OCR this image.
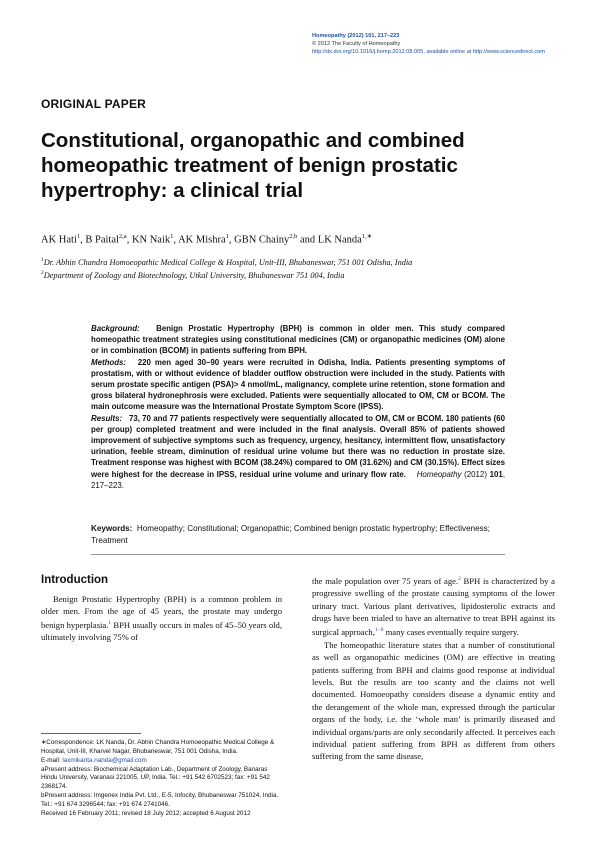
Homeopathy (2012) 101, 217–223
© 2012 The Faculty of Homeopathy
http://dx.doi.org/10.1016/j.homp.2012.08.005, available online at http://www.sciencedirect.com
ORIGINAL PAPER
Constitutional, organopathic and combined homeopathic treatment of benign prostatic hypertrophy: a clinical trial
AK Hati$^1$, B Paital$^{2,a}$, KN Naik$^1$, AK Mishra$^1$, GBN Chainy$^{2,b}$ and LK Nanda$^{1,∗}$
$^1$Dr. Abhin Chandra Homoeopathic Medical College & Hospital, Unit-III, Bhubaneswar, 751 001 Odisha, India
$^2$Department of Zoology and Biotechnology, Utkal University, Bhubaneswar 751 004, India

Background: Benign Prostatic Hypertrophy (BPH) is common in older men. This study compared homeopathic treatment strategies using constitutional medicines (CM) or organopathic medicines (OM) alone or in combination (BCOM) in patients suffering from BPH.

Methods: 220 men aged 30–90 years were recruited in Odisha, India. Patients presenting symptoms of prostatism, with or without evidence of bladder outflow obstruction were included in the study. Patients with serum prostate specific antigen (PSA)> 4 nmol/mL, malignancy, complete urine retention, stone formation and gross bilateral hydronephrosis were excluded. Patients were sequentially allocated to OM, CM or BCOM. The main outcome measure was the International Prostate Symptom Score (IPSS).

Results: 73, 70 and 77 patients respectively were sequentially allocated to OM, CM or BCOM. 180 patients (60 per group) completed treatment and were included in the final analysis. Overall 85% of patients showed improvement of subjective symptoms such as frequency, urgency, hesitancy, intermittent flow, unsatisfactory urination, feeble stream, diminution of residual urine volume but there was no reduction in prostate size. Treatment response was highest with BCOM (38.24%) compared to OM (31.62%) and CM (30.15%). Effect sizes were highest for the decrease in IPSS, residual urine volume and urinary flow rate. Homeopathy (2012) 101, 217–223.

Keywords: Homeopathy; Constitutional; Organopathic; Combined benign prostatic hypertrophy; Effectiveness; Treatment
Introduction

Benign Prostatic Hypertrophy (BPH) is a common problem in older men. From the age of 45 years, the prostate may undergo benign hyperplasia.$^1$ BPH usually occurs in males of 45–50 years old, ultimately involving 75% of

∗Correspondence: LK Nanda, Dr. Abhin Chandra Homoeopathic Medical College & Hospital, Unit-III, Kharvel Nagar, Bhubaneswar, 751 001 Odisha, India.

E-mail: laxmikanta.nanda@gmail.com

aPresent address: Biochemical Adaptation Lab., Department of Zoology, Banaras Hindu University, Varanasi 221005, UP, India. Tel.: +91 542 6702523; fax: +91 542 2368174.

bPresent address: Imgenex India Pvt. Ltd., E-5, Infocity, Bhubaneswar 751024, India. Tel.: +91 674 3296544; fax: +91 674 2741046.

Received 16 February 2011; revised 18 July 2012; accepted 6 August 2012

the male population over 75 years of age.$^2$ BPH is characterized by a progressive swelling of the prostate causing symptoms of the lower urinary tract. Various plant derivatives, lipidosterolic extracts and drugs have been trialed to have an alternative to treat BPH against its surgical approach,$^{1-8}$ many cases eventually require surgery.

The homeopathic literature states that a number of constitutional as well as organopathic medicines (OM) are effective in treating patients suffering from BPH and claims good response at individual levels. But the results are too scanty and the claims not well documented. Homoeopathy considers disease a dynamic entity and the derangement of the whole man, expressed through the particular organs of the body, i.e. the ‘whole man’ is primarily diseased and individual organs/parts are only secondarily affected. It perceives each individual patient suffering from BPH as different from others suffering from the same disease,
